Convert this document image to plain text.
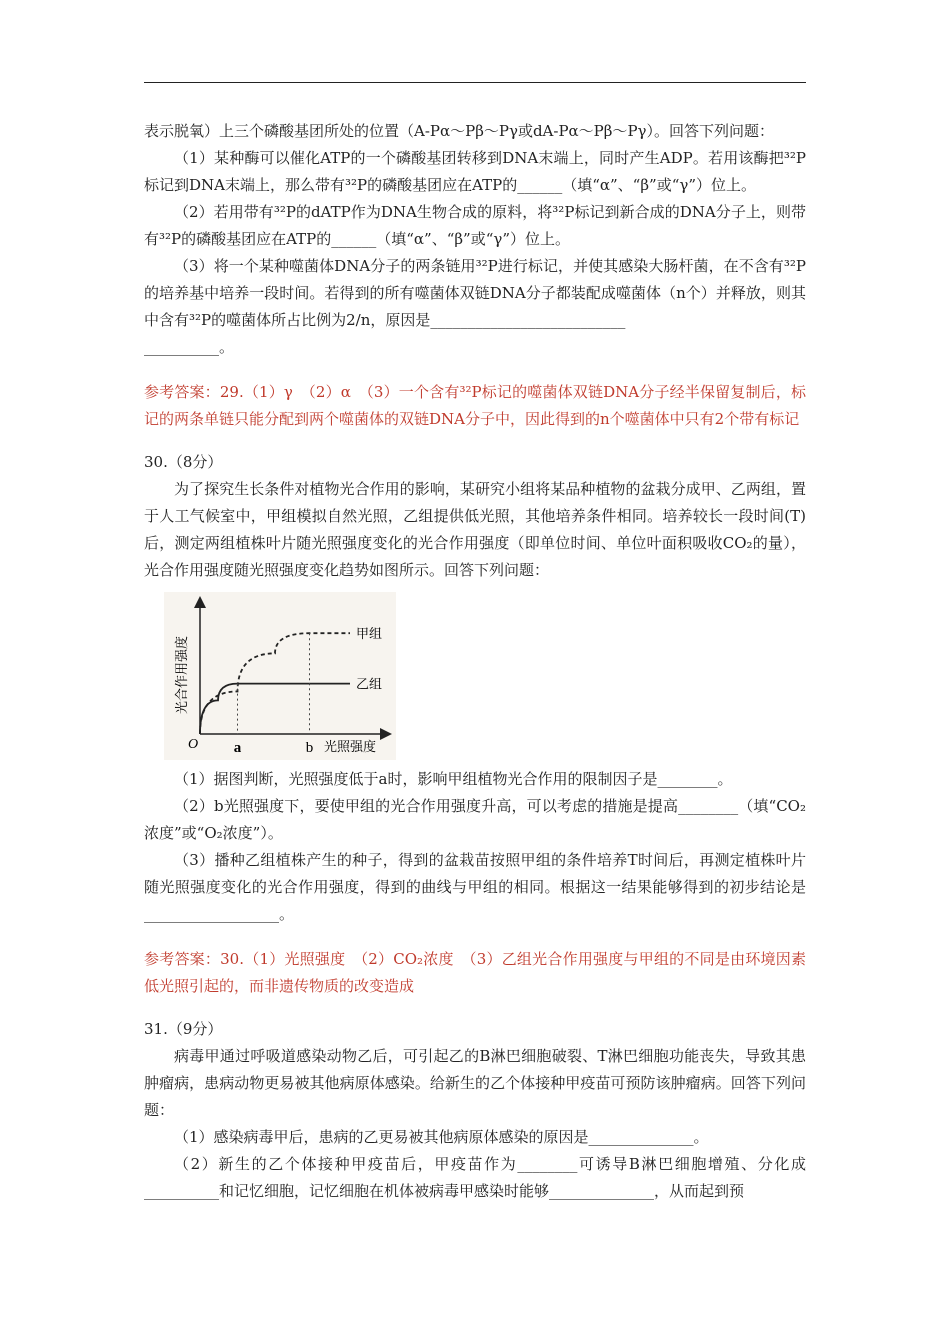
表示脱氧）上三个磷酸基团所处的位置（A-Pα～Pβ～Pγ或dA-Pα～Pβ～Pγ）。回答下列问题：

（1）某种酶可以催化ATP的一个磷酸基团转移到DNA末端上，同时产生ADP。若用该酶把³²P标记到DNA末端上，那么带有³²P的磷酸基团应在ATP的______（填“α”、“β”或“γ”）位上。

（2）若用带有³²P的dATP作为DNA生物合成的原料，将³²P标记到新合成的DNA分子上，则带有³²P的磷酸基团应在ATP的______（填“α”、“β”或“γ”）位上。

（3）将一个某种噬菌体DNA分子的两条链用³²P进行标记，并使其感染大肠杆菌，在不含有³²P的培养基中培养一段时间。若得到的所有噬菌体双链DNA分子都装配成噬菌体（n个）并释放，则其中含有³²P的噬菌体所占比例为2/n，原因是__________________________

__________。

参考答案：29.（1）γ　（2）α　（3）一个含有³²P标记的噬菌体双链DNA分子经半保留复制后，标记的两条单链只能分配到两个噬菌体的双链DNA分子中，因此得到的n个噬菌体中只有2个带有标记

30.（8分）

为了探究生长条件对植物光合作用的影响，某研究小组将某品种植物的盆栽分成甲、乙两组，置于人工气候室中，甲组模拟自然光照，乙组提供低光照，其他培养条件相同。培养较长一段时间(T)后，测定两组植株叶片随光照强度变化的光合作用强度（即单位时间、单位叶面积吸收CO₂的量），光合作用强度随光照强度变化趋势如图所示。回答下列问题：

O a	b 光照强度
光合作用强度
甲组
乙组

（1）据图判断，光照强度低于a时，影响甲组植物光合作用的限制因子是________。

（2）b光照强度下，要使甲组的光合作用强度升高，可以考虑的措施是提高________（填“CO₂浓度”或“O₂浓度”）。

（3）播种乙组植株产生的种子，得到的盆栽苗按照甲组的条件培养T时间后，再测定植株叶片随光照强度变化的光合作用强度，得到的曲线与甲组的相同。根据这一结果能够得到的初步结论是__________________。

参考答案：30.（1）光照强度　（2）CO₂浓度　（3）乙组光合作用强度与甲组的不同是由环境因素低光照引起的，而非遗传物质的改变造成

31.（9分）

病毒甲通过呼吸道感染动物乙后，可引起乙的B淋巴细胞破裂、T淋巴细胞功能丧失，导致其患肿瘤病，患病动物更易被其他病原体感染。给新生的乙个体接种甲疫苗可预防该肿瘤病。回答下列问题：

（1）感染病毒甲后，患病的乙更易被其他病原体感染的原因是______________。

（2）新生的乙个体接种甲疫苗后，甲疫苗作为________可诱导B淋巴细胞增殖、分化成__________和记忆细胞，记忆细胞在机体被病毒甲感染时能够______________，从而起到预
